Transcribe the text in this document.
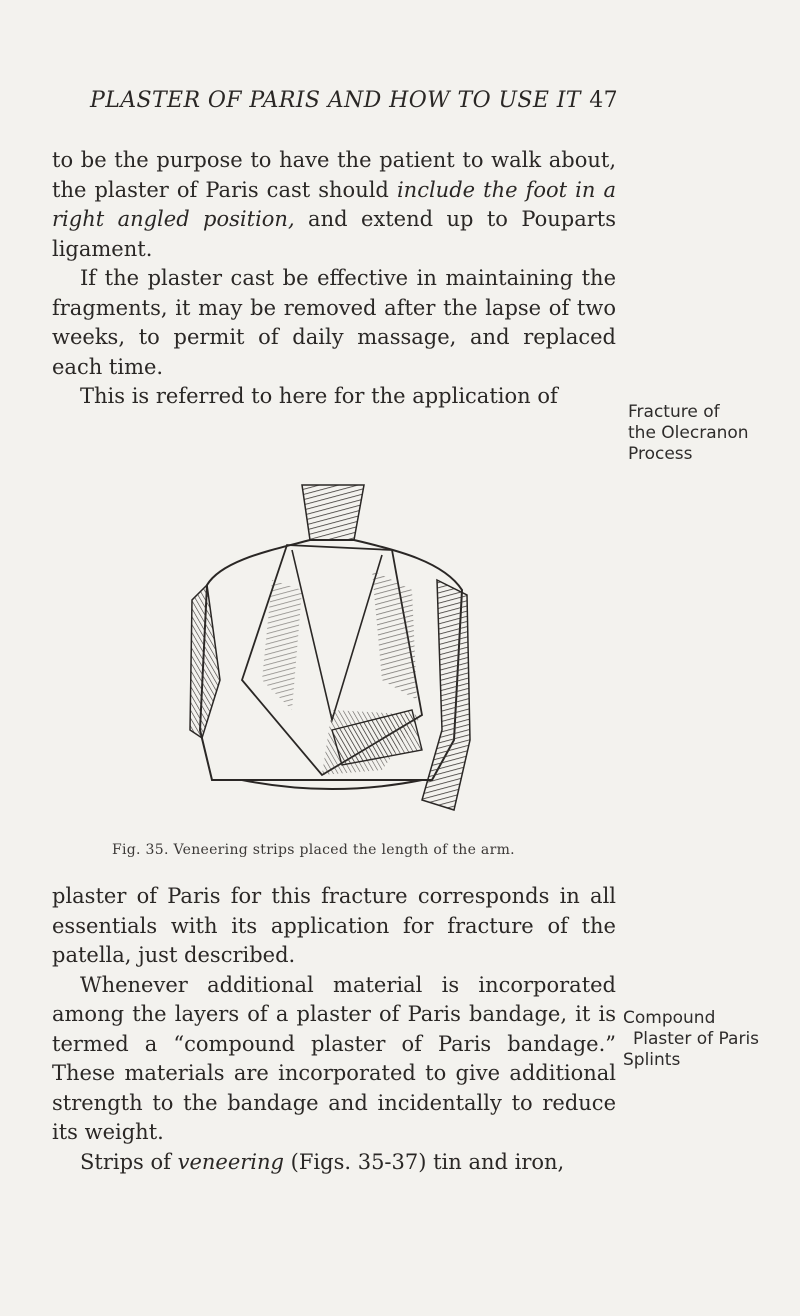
PLASTER OF PARIS AND HOW TO USE IT 47

to be the purpose to have the patient to walk about, the plaster of Paris cast should include the foot in a right angled position, and extend up to Pouparts ligament.

If the plaster cast be effective in maintaining the fragments, it may be removed after the lapse of two weeks, to permit of daily massage, and replaced each time.

This is referred to here for the application of

Fracture of
the Olecranon
Process
Fig. 35. Veneering strips placed the length of the arm.

plaster of Paris for this fracture corresponds in all essentials with its application for fracture of the patella, just described.

Whenever additional material is incorporated among the layers of a plaster of Paris bandage, it is termed a “compound plaster of Paris bandage.” These materials are incorporated to give additional strength to the bandage and incidentally to reduce its weight.

Strips of veneering (Figs. 35-37) tin and iron,

Compound
Plaster of Paris
Splints
